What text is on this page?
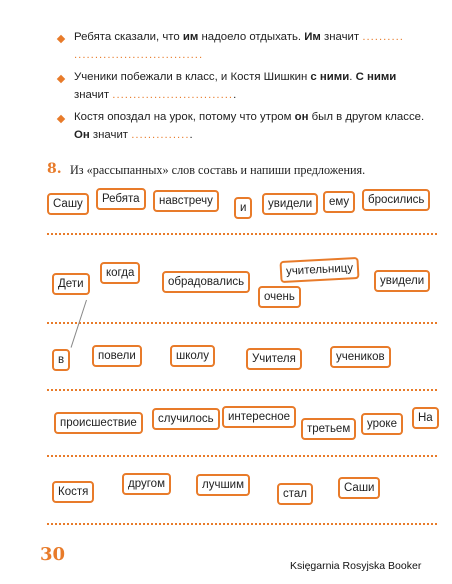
Ребята сказали, что им надоело отдыхать. Им значит ..........
...............................
Ученики побежали в класс, и Костя Шишкин с ними. С ними
значит ..............................
Костя опоздал на урок, потому что утром он был в другом классе.
Он значит ...............
8. Из «рассыпанных» слов составь и напиши предложения.
Сашу	Ребята	навстречу
и	увидели	ему	бросились
Дети
когда
обрадовались
учительницу
очень
увидели
в	повели	школу	Учителя	учеников
происшествие	случилось	интересное
третьем	уроке	На
Костя
другом	лучшим
стал	Саши
30
Księgarnia Rosyjska Booker
